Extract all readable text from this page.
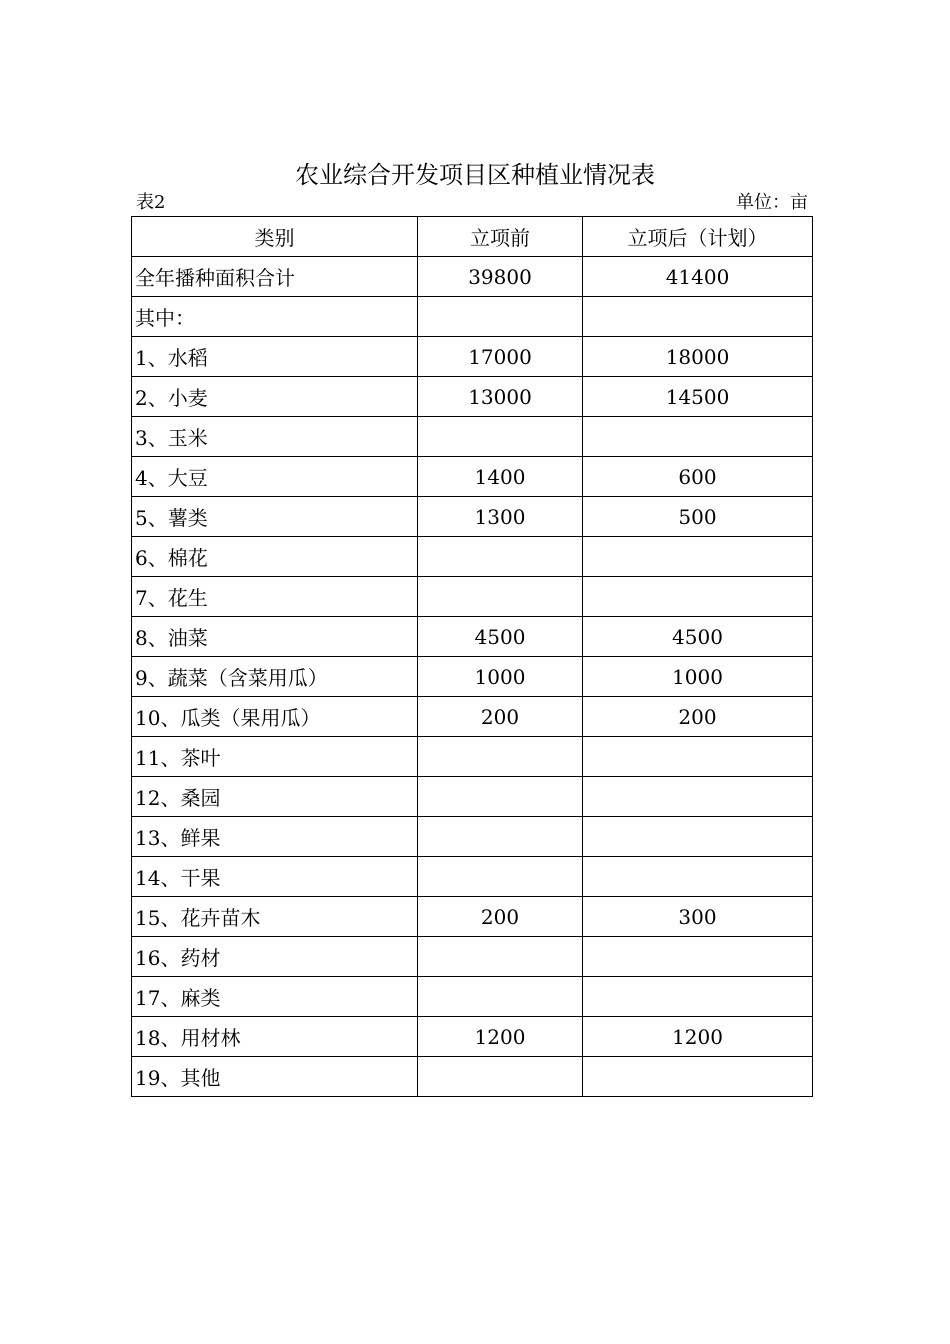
农业综合开发项目区种植业情况表
表2	单位：亩
类别	立项前	立项后（计划）
全年播种面积合计	39800	41400
其中：		
1、水稻	17000	18000
2、小麦	13000	14500
3、玉米		
4、大豆	1400	600
5、薯类	1300	500
6、棉花		
7、花生		
8、油菜	4500	4500
9、蔬菜（含菜用瓜）	1000	1000
10、瓜类（果用瓜）	200	200
11、茶叶		
12、桑园		
13、鲜果		
14、干果		
15、花卉苗木	200	300
16、药材		
17、麻类		
18、用材林	1200	1200
19、其他		
